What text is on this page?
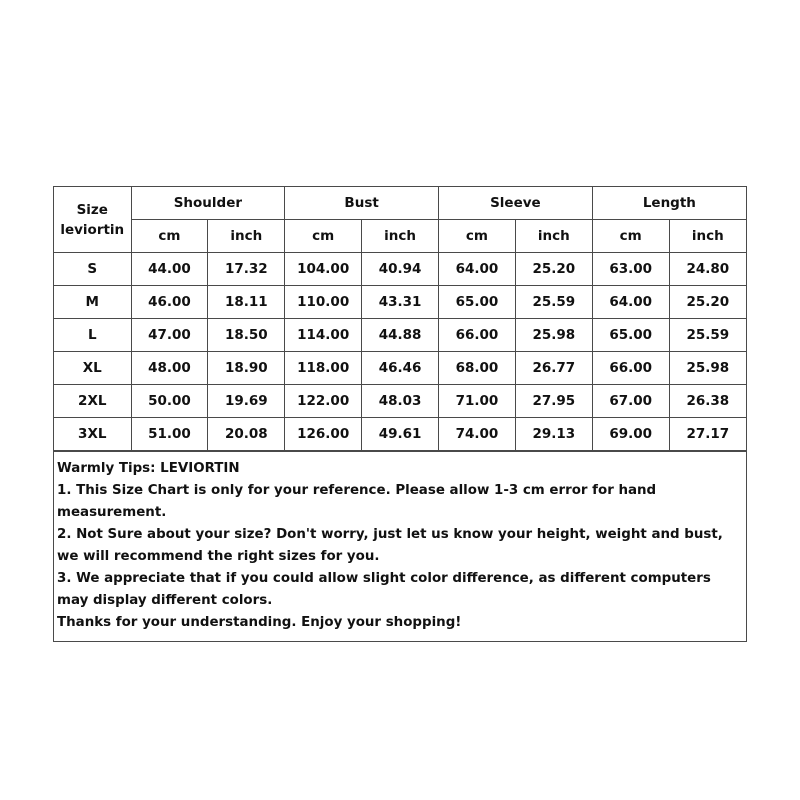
Size
leviortin	Shoulder		Bust		Sleeve		Length	
	cm	inch	cm	inch	cm	inch	cm	inch
S	44.00	17.32	104.00	40.94	64.00	25.20	63.00	24.80
M	46.00	18.11	110.00	43.31	65.00	25.59	64.00	25.20
L	47.00	18.50	114.00	44.88	66.00	25.98	65.00	25.59
XL	48.00	18.90	118.00	46.46	68.00	26.77	66.00	25.98
2XL	50.00	19.69	122.00	48.03	71.00	27.95	67.00	26.38
3XL	51.00	20.08	126.00	49.61	74.00	29.13	69.00	27.17
Warmly Tips: LEVIORTIN
1. This Size Chart is only for your reference. Please allow 1-3 cm error for hand measurement.
2. Not Sure about your size? Don't worry, just let us know your height, weight and bust, we will recommend the right sizes for you.
3. We appreciate that if you could allow slight color difference, as different computers may display different colors.
Thanks for your understanding. Enjoy your shopping!
